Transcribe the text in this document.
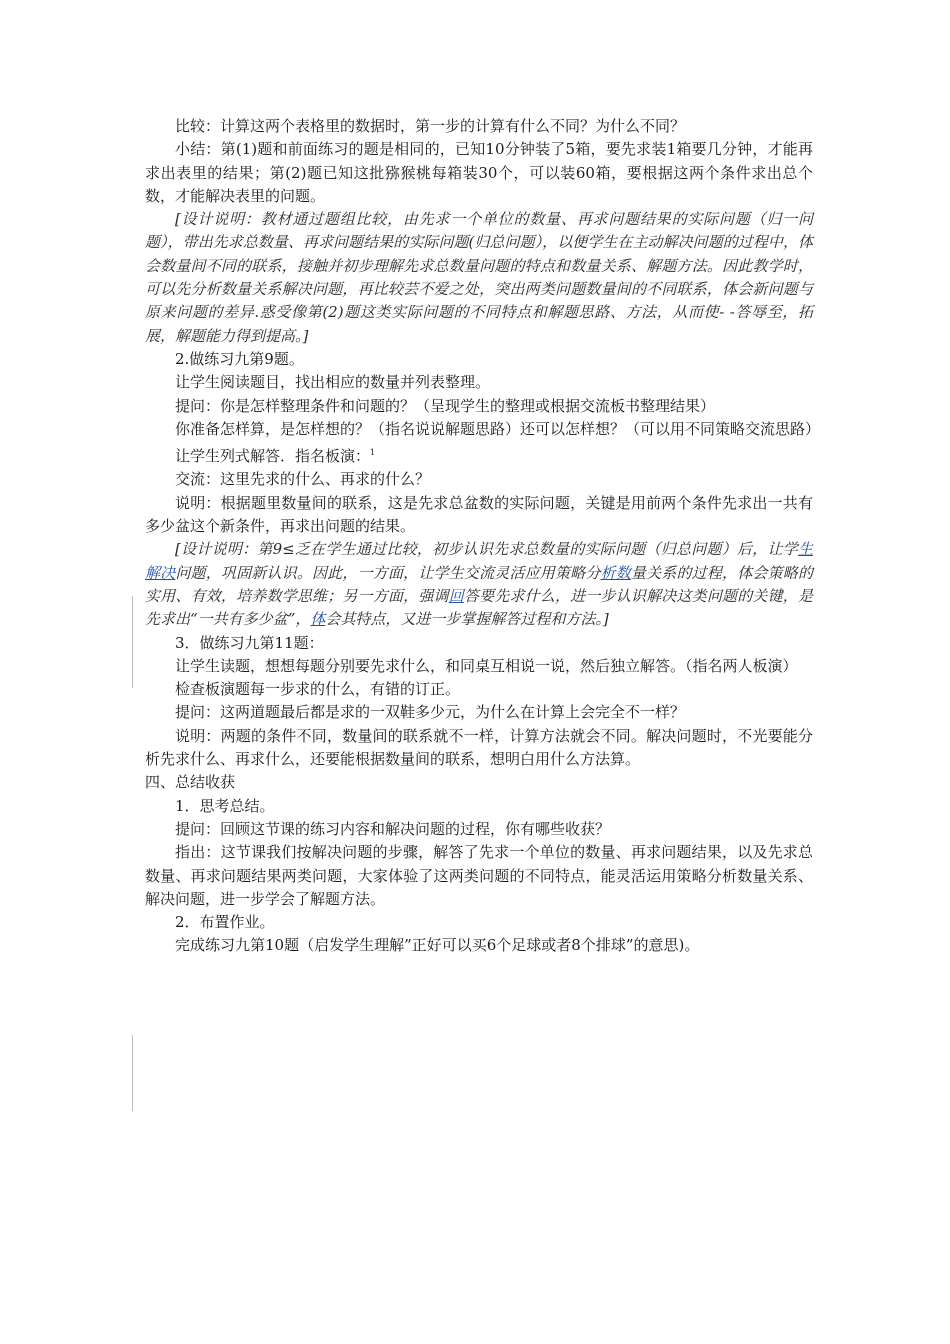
比较：计算这两个表格里的数据时，第一步的计算有什么不同？为什么不同？

小结：第(1)题和前面练习的题是相同的，已知10分钟装了5箱，要先求装1箱要几分钟，才能再求出表里的结果；第(2)题已知这批猕猴桃每箱装30个，可以装60箱，要根据这两个条件求出总个数，才能解决表里的问题。

[设计说明：教材通过题组比较，由先求一个单位的数量、再求问题结果的实际问题（归一问题），带出先求总数量、再求问题结果的实际问题(归总问题），以便学生在主动解决问题的过程中，体会数量间不同的联系，接触并初步理解先求总数量问题的特点和数量关系、解题方法。因此教学时，可以先分析数量关系解决问题，再比较芸不爱之处，突出两类问题数量间的不同联系，体会新问题与原来问题的差异.惑受像第(2)题这类实际问题的不同特点和解题思路、方法，从而使- -答辱至，拓展，解题能力得到提高。]

2.做练习九第9题。

让学生阅读题目，找出相应的数量并列表整理。

提问：你是怎样整理条件和问题的？（呈现学生的整理或根据交流板书整理结果）

你准备怎样算，是怎样想的？（指名说说解题思路）还可以怎样想？（可以用不同策略交流思路）

让学生列式解答．指名板演：$^1$

交流：这里先求的什么、再求的什么？

说明：根据题里数量间的联系，这是先求总盆数的实际问题，关键是用前两个条件先求出一共有多少盆这个新条件，再求出问题的结果。

[设计说明：第9≤乏在学生通过比较，初步认识先求总数量的实际问题（归总问题）后，让学生解决问题，巩固新认识。因此，一方面，让学生交流灵活应用策略分析数量关系的过程，体会策略的实用、有效，培养数学思维；另一方面，强调回答要先求什么，进一步认识解决这类问题的关键，是先求出“一共有多少盆”，体会其特点，又进一步掌握解答过程和方法。]

3．做练习九第11题：

让学生读题，想想每题分别要先求什么，和同桌互相说一说，然后独立解答。（指名两人板演）

检查板演题每一步求的什么，有错的订正。

提问：这两道题最后都是求的一双鞋多少元，为什么在计算上会完全不一样？

说明：两题的条件不同，数量间的联系就不一样，计算方法就会不同。解决问题时，不光要能分析先求什么、再求什么，还要能根据数量间的联系，想明白用什么方法算。

四、总结收获

1．思考总结。

提问：回顾这节课的练习内容和解决问题的过程，你有哪些收获？

指出：这节课我们按解决问题的步骤，解答了先求一个单位的数量、再求问题结果，以及先求总数量、再求问题结果两类问题，大家体验了这两类问题的不同特点，能灵活运用策略分析数量关系、解决问题，进一步学会了解题方法。

2．布置作业。

完成练习九第10题（启发学生理解”正好可以买6个足球或者8个排球”的意思)。
